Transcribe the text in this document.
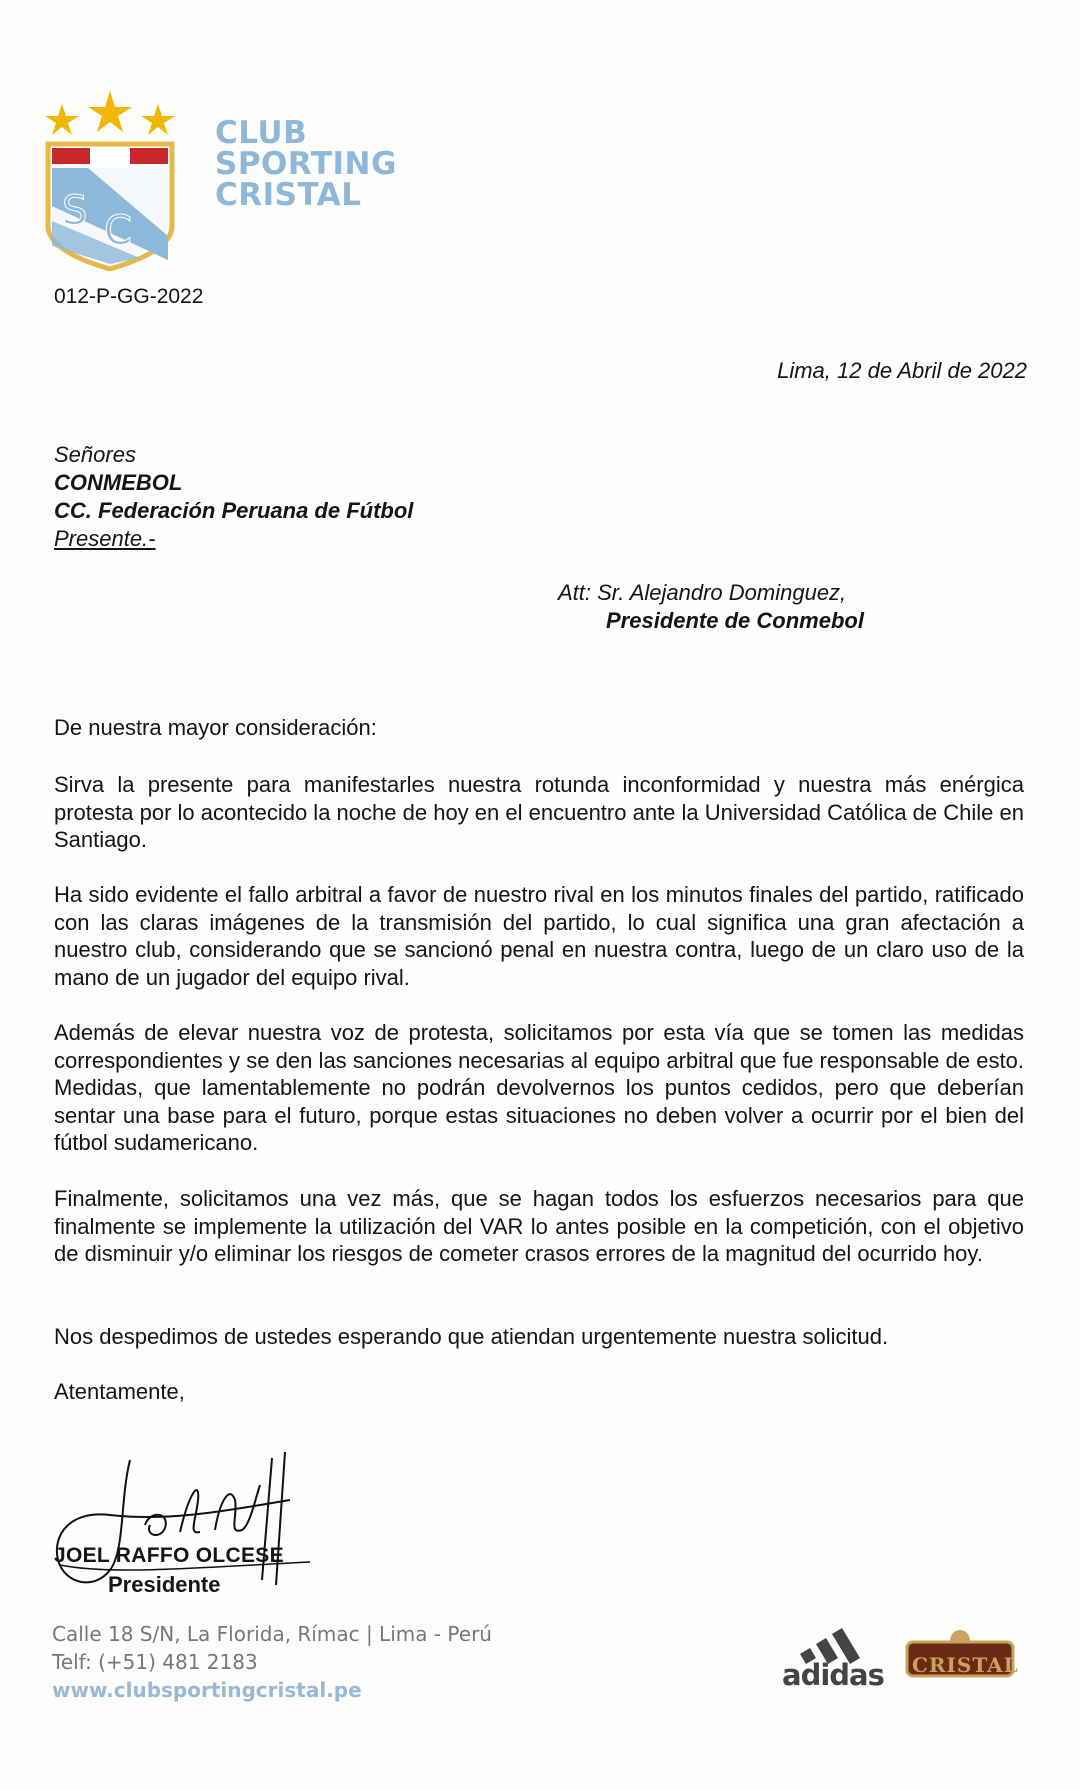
S C
CLUB
SPORTING
CRISTAL
012-P-GG-2022
Lima, 12 de Abril de 2022
Señores
CONMEBOL
CC. Federación Peruana de Fútbol
Presente.-
Att: Sr. Alejandro Dominguez,
Presidente de Conmebol
De nuestra mayor consideración:
Sirva la presente para manifestarles nuestra rotunda inconformidad y nuestra más enérgica protesta por lo acontecido la noche de hoy en el encuentro ante la Universidad Católica de Chile en Santiago.
Ha sido evidente el fallo arbitral a favor de nuestro rival en los minutos finales del partido, ratificado con las claras imágenes de la transmisión del partido, lo cual significa una gran afectación a nuestro club, considerando que se sancionó penal en nuestra contra, luego de un claro uso de la mano de un jugador del equipo rival.
Además de elevar nuestra voz de protesta, solicitamos por esta vía que se tomen las medidas correspondientes y se den las sanciones necesarias al equipo arbitral que fue responsable de esto. Medidas, que lamentablemente no podrán devolvernos los puntos cedidos, pero que deberían sentar una base para el futuro, porque estas situaciones no deben volver a ocurrir por el bien del fútbol sudamericano.
Finalmente, solicitamos una vez más, que se hagan todos los esfuerzos necesarios para que finalmente se implemente la utilización del VAR lo antes posible en la competición, con el objetivo de disminuir y/o eliminar los riesgos de cometer crasos errores de la magnitud del ocurrido hoy.
Nos despedimos de ustedes esperando que atiendan urgentemente nuestra solicitud.
Atentamente,
JOEL RAFFO OLCESE
Presidente
Calle 18 S/N, La Florida, Rímac | Lima - Perú
Telf: (+51) 481 2183
www.clubsportingcristal.pe	adidas CRISTAL
